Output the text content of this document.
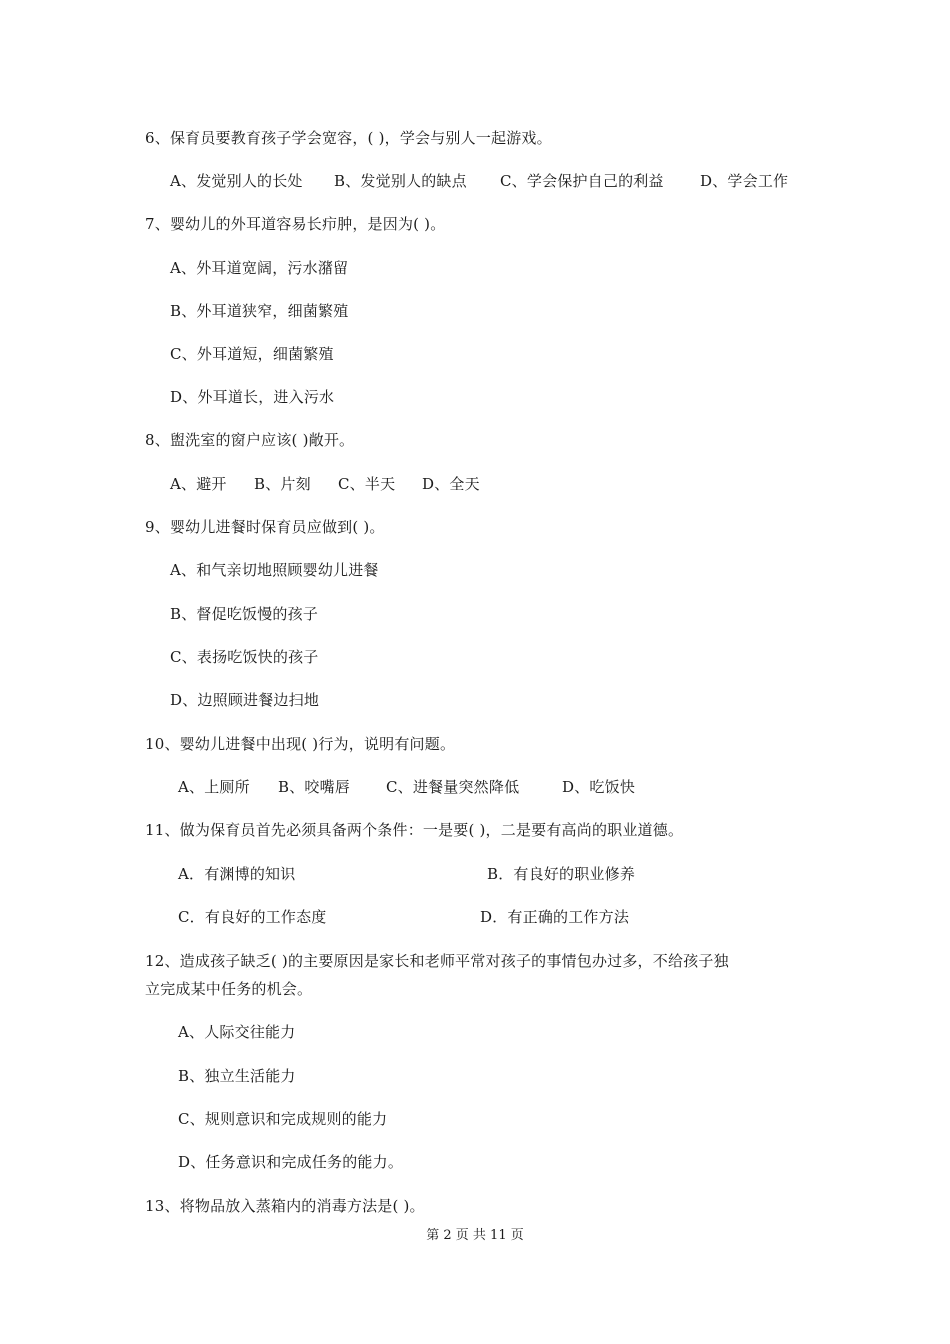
6、保育员要教育孩子学会宽容，( )，学会与别人一起游戏。
A、发觉别人的长处 B、发觉别人的缺点 C、学会保护自己的利益 D、学会工作
7、婴幼儿的外耳道容易长疖肿，是因为( )。
A、外耳道宽阔，污水潴留
B、外耳道狭窄，细菌繁殖
C、外耳道短，细菌繁殖
D、外耳道长，进入污水
8、盥洗室的窗户应该( )敞开。
A、避开 B、片刻 C、半天 D、全天
9、婴幼儿进餐时保育员应做到( )。
A、和气亲切地照顾婴幼儿进餐
B、督促吃饭慢的孩子
C、表扬吃饭快的孩子
D、边照顾进餐边扫地
10、婴幼儿进餐中出现( )行为，说明有问题。
A、上厕所 B、咬嘴唇 C、进餐量突然降低	D、吃饭快
11、做为保育员首先必须具备两个条件：一是要( )，二是要有高尚的职业道德。
A．有渊博的知识	B．有良好的职业修养
C．有良好的工作态度	D．有正确的工作方法
12、造成孩子缺乏( )的主要原因是家长和老师平常对孩子的事情包办过多，不给孩子独
立完成某中任务的机会。
A、人际交往能力
B、独立生活能力
C、规则意识和完成规则的能力
D、任务意识和完成任务的能力。
13、将物品放入蒸箱内的消毒方法是( )。
第 2 页 共 11 页
